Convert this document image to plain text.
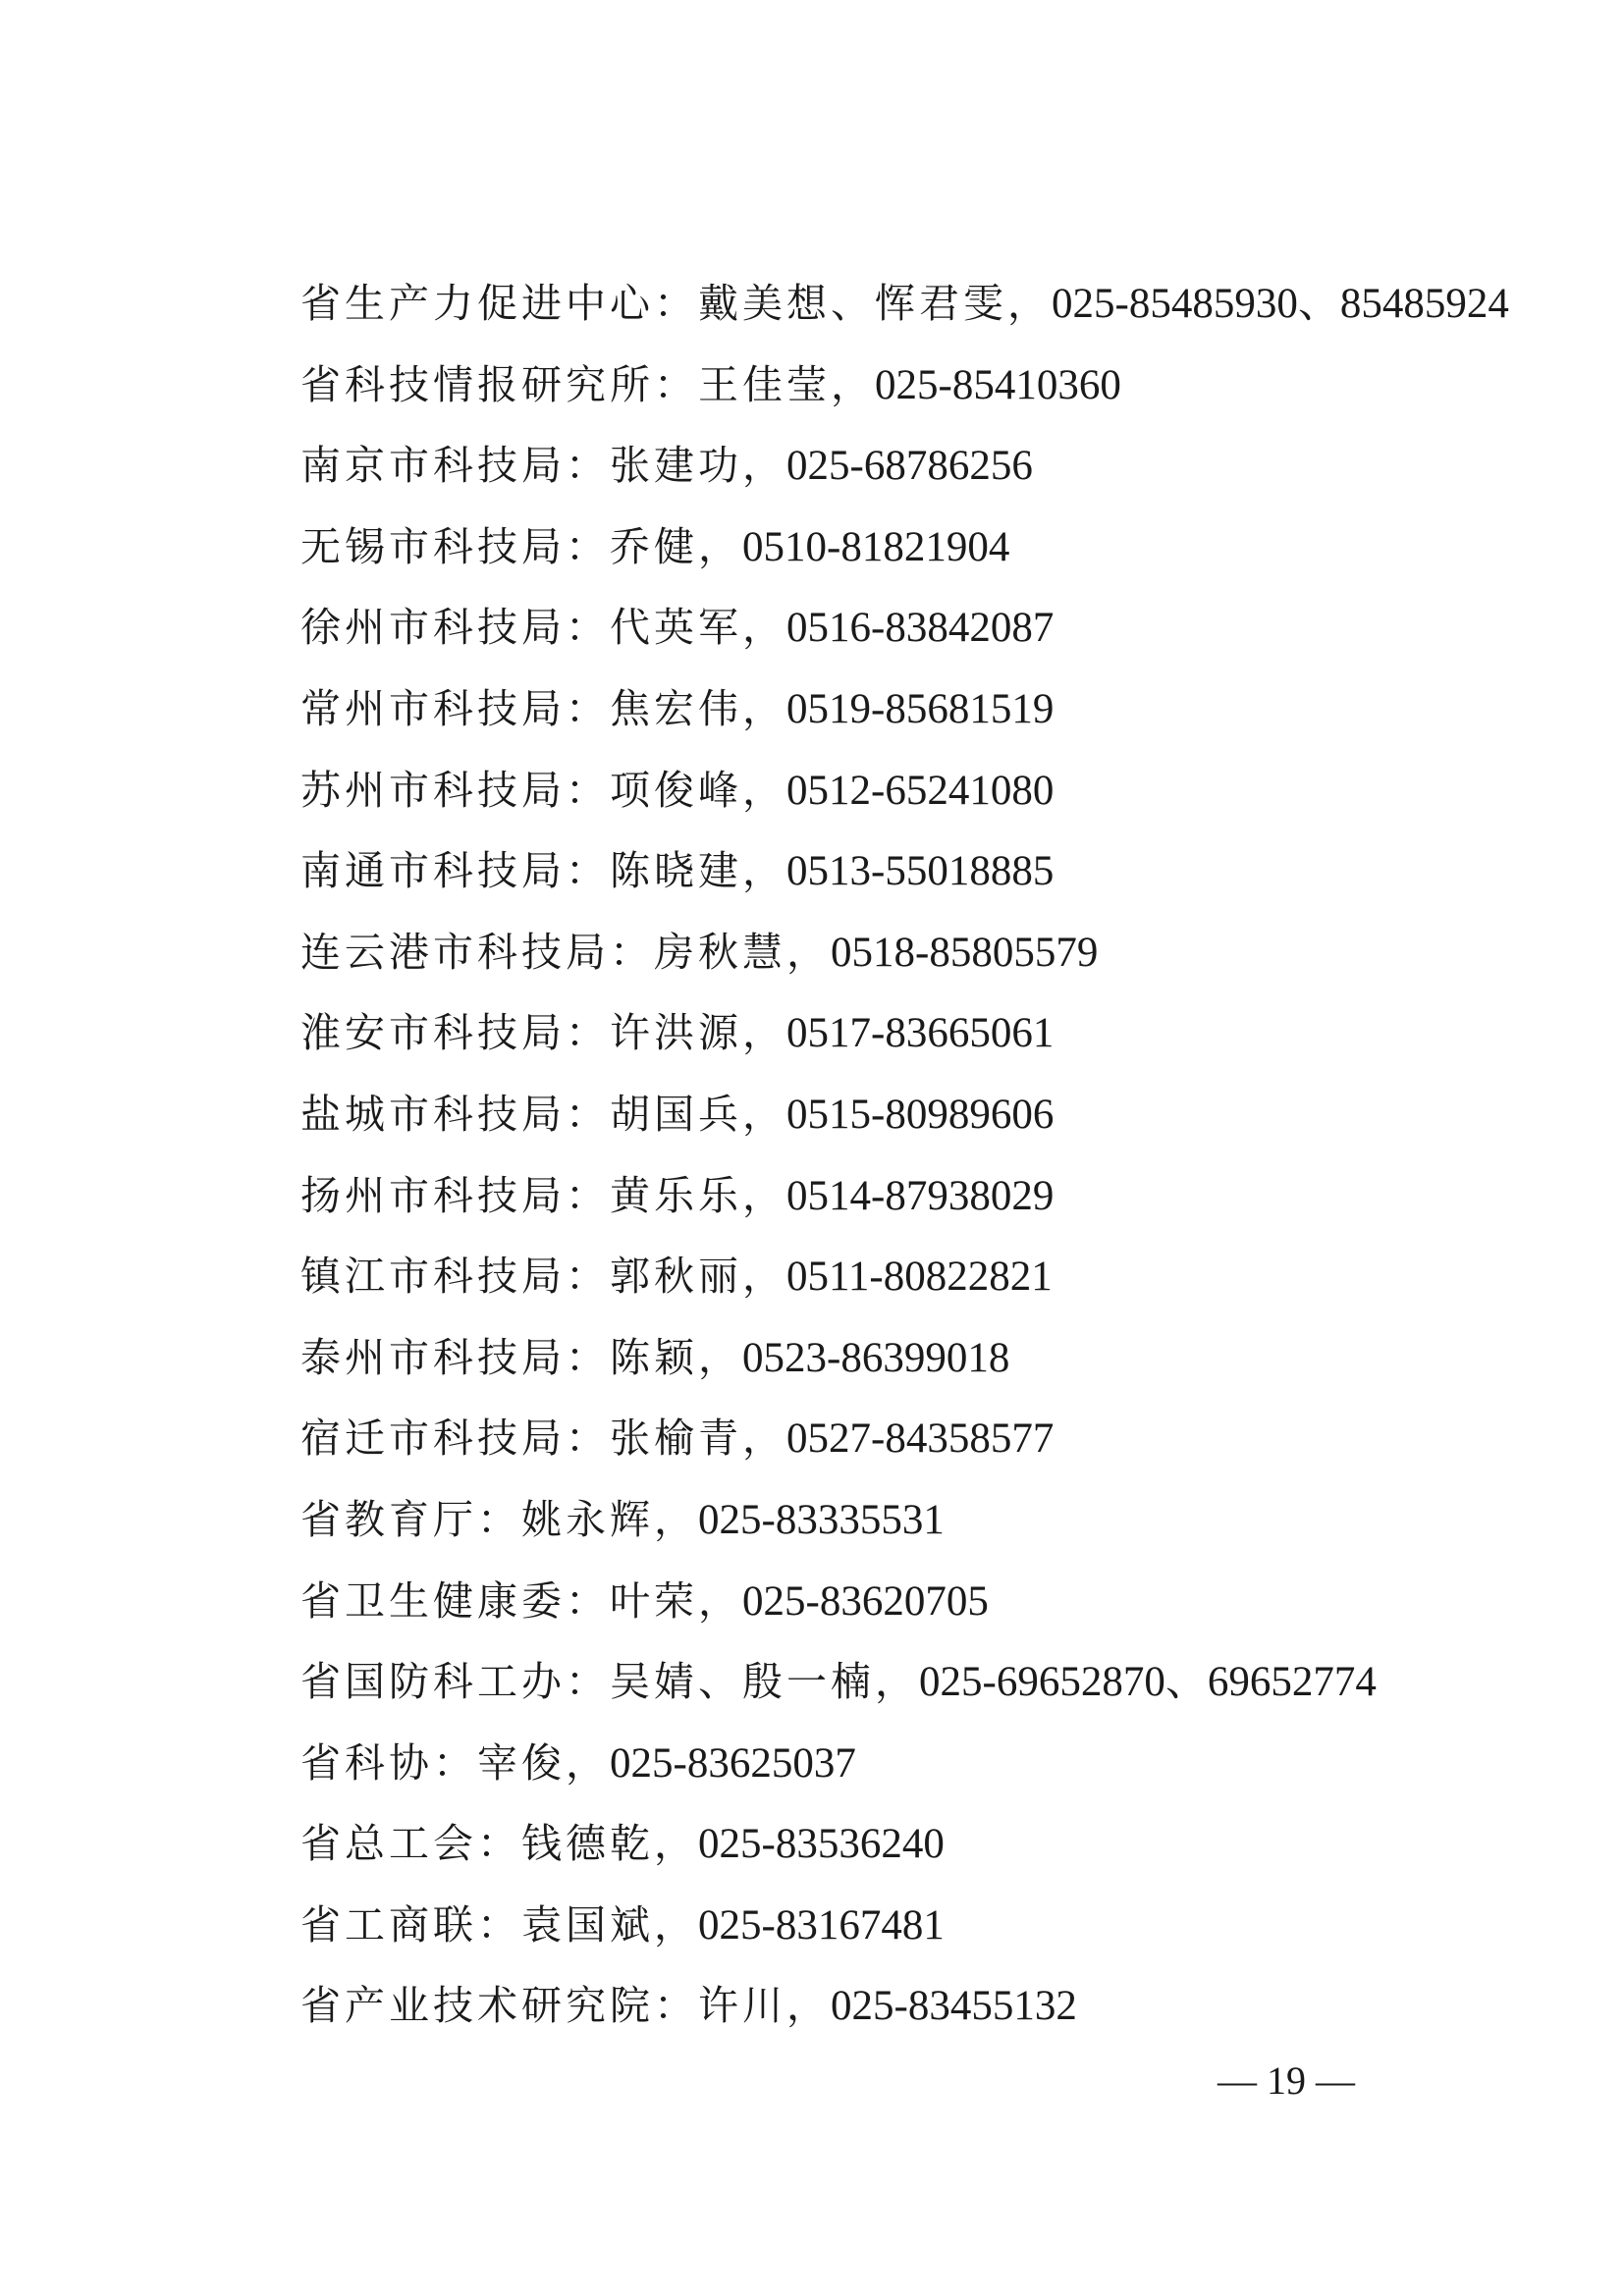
省生产力促进中心：戴美想、恽君雯，025-85485930、85485924
省科技情报研究所：王佳莹，025-85410360
南京市科技局：张建功，025-68786256
无锡市科技局：乔健，0510-81821904
徐州市科技局：代英军，0516-83842087
常州市科技局：焦宏伟，0519-85681519
苏州市科技局：项俊峰，0512-65241080
南通市科技局：陈晓建，0513-55018885
连云港市科技局：房秋慧，0518-85805579
淮安市科技局：许洪源，0517-83665061
盐城市科技局：胡国兵，0515-80989606
扬州市科技局：黄乐乐，0514-87938029
镇江市科技局：郭秋丽，0511-80822821
泰州市科技局：陈颖，0523-86399018
宿迁市科技局：张榆青，0527-84358577
省教育厅：姚永辉，025-83335531
省卫生健康委：叶荣，025-83620705
省国防科工办：吴婧、殷一楠，025-69652870、69652774
省科协：宰俊，025-83625037
省总工会：钱德乾，025-83536240
省工商联：袁国斌，025-83167481
省产业技术研究院：许川，025-83455132
— 19 —
